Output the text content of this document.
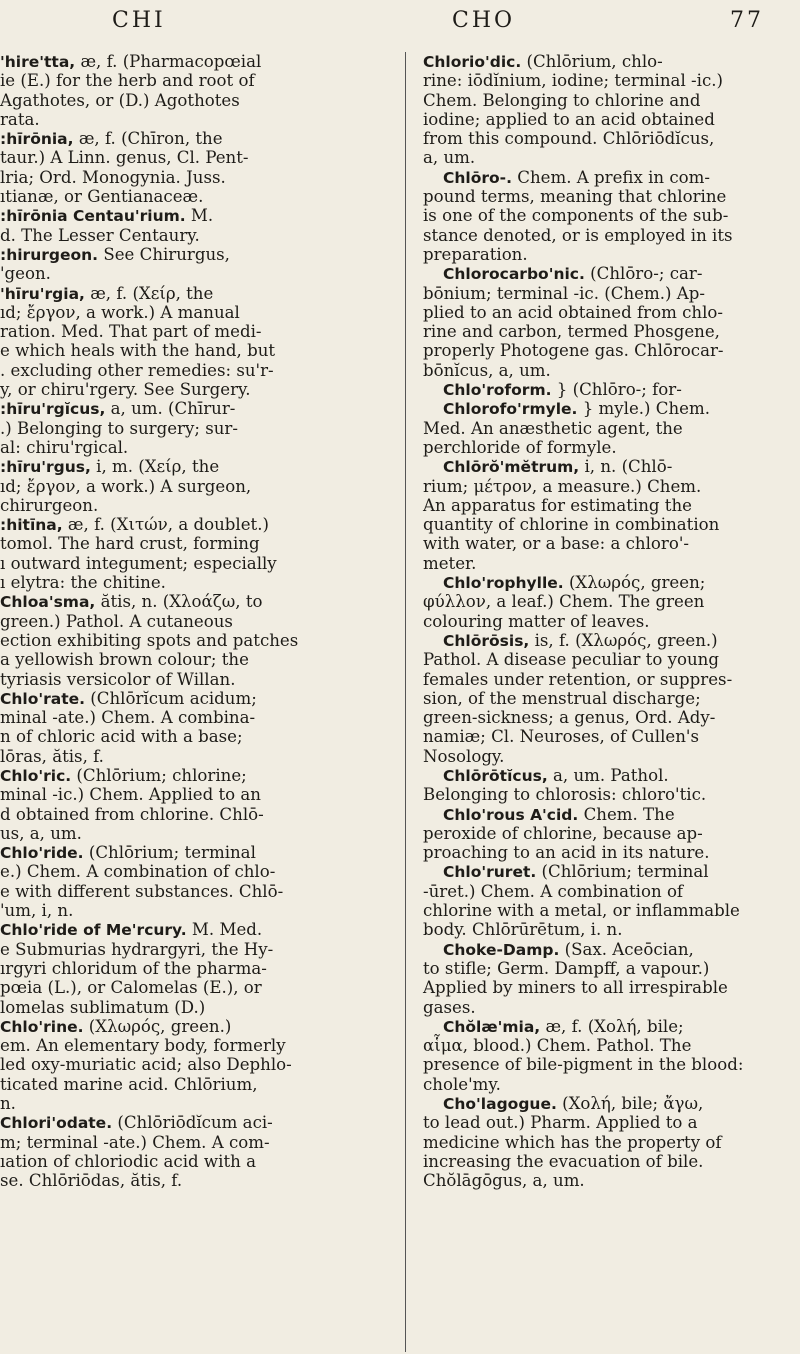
CHI	CHO	77
'hire'tta, æ, f. (Pharmacopœial
ie (E.) for the herb and root of
Agathotes, or (D.) Agothotes
rata.
:hīrōnia, æ, f. (Chīron, the
taur.) A Linn. genus, Cl. Pent-
lria; Ord. Monogynia. Juss.
ıtianæ, or Gentianaceæ.
:hīrōnia Centau'rium. M.
d. The Lesser Centaury.
:hirurgeon. See Chirurgus,
'geon.
'hīru'rgia, æ, f. (Χείρ, the
ıd; ἔργον, a work.) A manual
ration. Med. That part of medi-
e which heals with the hand, but
. excluding other remedies: su'r-
y, or chiru'rgery. See Surgery.
:hīru'rgĭcus, a, um. (Chīrur-
.) Belonging to surgery; sur-
al: chiru'rgical.
:hīru'rgus, i, m. (Χείρ, the
ıd; ἔργον, a work.) A surgeon,
chirurgeon.
:hitīna, æ, f. (Χιτών, a doublet.)
tomol. The hard crust, forming
ı outward integument; especially
ı elytra: the chitine.
Chloa'sma, ătis, n. (Χλοάζω, to
green.) Pathol. A cutaneous
ection exhibiting spots and patches
a yellowish brown colour; the
tyriasis versicolor of Willan.
Chlo'rate. (Chlōrĭcum acidum;
minal -ate.) Chem. A combina-
n of chloric acid with a base;
lōras, ătis, f.
Chlo'ric. (Chlōrium; chlorine;
minal -ic.) Chem. Applied to an
d obtained from chlorine. Chlō-
us, a, um.
Chlo'ride. (Chlōrium; terminal
e.) Chem. A combination of chlo-
e with different substances. Chlō-
'um, i, n.
Chlo'ride of Me'rcury. M. Med.
e Submurias hydrargyri, the Hy-
ırgyri chloridum of the pharma-
pœia (L.), or Calomelas (E.), or
lomelas sublimatum (D.)
Chlo'rine. (Χλωρός, green.)
em. An elementary body, formerly
led oxy-muriatic acid; also Dephlo-
ticated marine acid. Chlōrium,
n.
Chlori'odate. (Chlōriōdĭcum aci-
m; terminal -ate.) Chem. A com-
ıation of chloriodic acid with a
se. Chlōriōdas, ătis, f.
Chlorio'dic. (Chlōrium, chlo-
rine: iōdĭnium, iodine; terminal -ic.)
Chem. Belonging to chlorine and
iodine; applied to an acid obtained
from this compound. Chlōriōdĭcus,
a, um.
Chlōro-. Chem. A prefix in com-
pound terms, meaning that chlorine
is one of the components of the sub-
stance denoted, or is employed in its
preparation.
Chlorocarbo'nic. (Chlōro-; car-
bōnium; terminal -ic. (Chem.) Ap-
plied to an acid obtained from chlo-
rine and carbon, termed Phosgene,
properly Photogene gas. Chlōrocar-
bōnĭcus, a, um.
Chlo'roform. } (Chlōro-; for-
Chlorofo'rmyle. } myle.) Chem.
Med. An anæsthetic agent, the
perchloride of formyle.
Chlōrŏ'mĕtrum, i, n. (Chlō-
rium; μέτρον, a measure.) Chem.
An apparatus for estimating the
quantity of chlorine in combination
with water, or a base: a chloro'-
meter.
Chlo'rophylle. (Χλωρός, green;
φύλλον, a leaf.) Chem. The green
colouring matter of leaves.
Chlōrōsis, is, f. (Χλωρός, green.)
Pathol. A disease peculiar to young
females under retention, or suppres-
sion, of the menstrual discharge;
green-sickness; a genus, Ord. Ady-
namiæ; Cl. Neuroses, of Cullen's
Nosology.
Chlōrōtĭcus, a, um. Pathol.
Belonging to chlorosis: chloro'tic.
Chlo'rous A'cid. Chem. The
peroxide of chlorine, because ap-
proaching to an acid in its nature.
Chlo'ruret. (Chlōrium; terminal
-ūret.) Chem. A combination of
chlorine with a metal, or inflammable
body. Chlōrūrētum, i. n.
Choke-Damp. (Sax. Aceōcian,
to stifle; Germ. Dampff, a vapour.)
Applied by miners to all irrespirable
gases.
Chŏlæ'mia, æ, f. (Χολή, bile;
αἷμα, blood.) Chem. Pathol. The
presence of bile-pigment in the blood:
chole'my.
Cho'lagogue. (Χολή, bile; ἄγω,
to lead out.) Pharm. Applied to a
medicine which has the property of
increasing the evacuation of bile.
Chŏlāgōgus, a, um.
